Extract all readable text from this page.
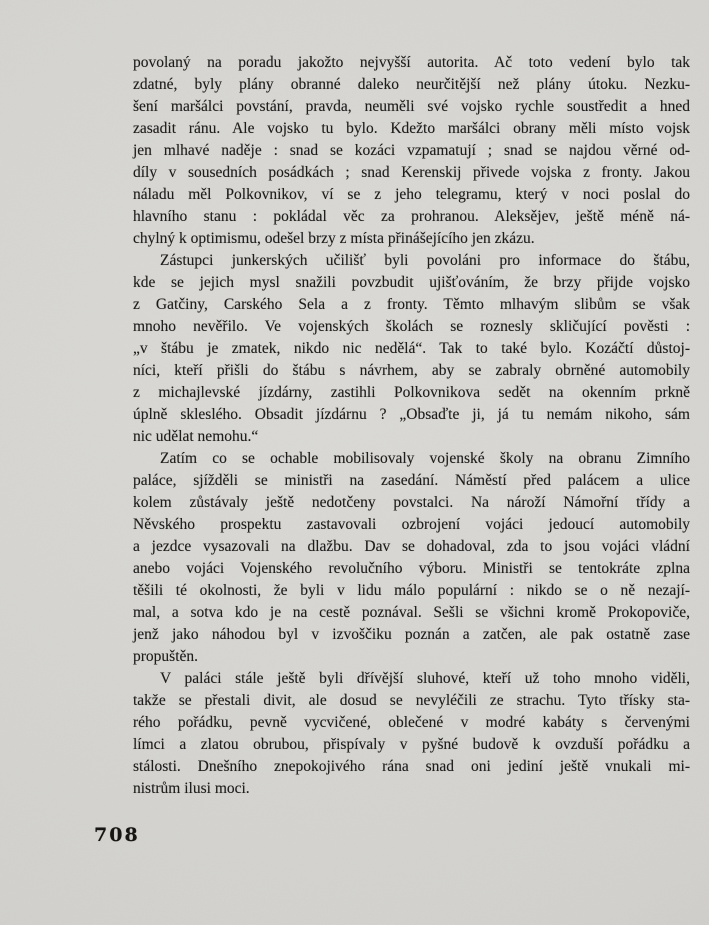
povolaný na poradu jakožto nejvyšší autorita. Ač toto vedení bylo tak
zdatné, byly plány obranné daleko neurčitější než plány útoku. Nezku-
šení maršálci povstání, pravda, neuměli své vojsko rychle soustředit a hned
zasadit ránu. Ale vojsko tu bylo. Kdežto maršálci obrany měli místo vojsk
jen mlhavé naděje : snad se kozáci vzpamatují ; snad se najdou věrné od-
díly v sousedních posádkách ; snad Kerenskij přivede vojska z fronty. Jakou
náladu měl Polkovnikov, ví se z jeho telegramu, který v noci poslal do
hlavního stanu : pokládal věc za prohranou. Aleksějev, ještě méně ná-
chylný k optimismu, odešel brzy z místa přinášejícího jen zkázu.
Zástupci junkerských učilišť byli povoláni pro informace do štábu,
kde se jejich mysl snažili povzbudit ujišťováním, že brzy přijde vojsko
z Gatčiny, Carského Sela a z fronty. Těmto mlhavým slibům se však
mnoho nevěřilo. Ve vojenských školách se roznesly skličující pověsti :
„v štábu je zmatek, nikdo nic nedělá“. Tak to také bylo. Kozáčtí důstoj-
níci, kteří přišli do štábu s návrhem, aby se zabraly obrněné automobily
z michajlevské jízdárny, zastihli Polkovnikova sedět na okenním prkně
úplně skleslého. Obsadit jízdárnu ? „Obsaďte ji, já tu nemám nikoho, sám
nic udělat nemohu.“
Zatím co se ochable mobilisovaly vojenské školy na obranu Zimního
paláce, sjížděli se ministři na zasedání. Náměstí před palácem a ulice
kolem zůstávaly ještě nedotčeny povstalci. Na nároží Námořní třídy a
Něvského prospektu zastavovali ozbrojení vojáci jedoucí automobily
a jezdce vysazovali na dlažbu. Dav se dohadoval, zda to jsou vojáci vládní
anebo vojáci Vojenského revolučního výboru. Ministři se tentokráte zplna
těšili té okolnosti, že byli v lidu málo populární : nikdo se o ně nezají-
mal, a sotva kdo je na cestě poznával. Sešli se všichni kromě Prokopoviče,
jenž jako náhodou byl v izvoščiku poznán a zatčen, ale pak ostatně zase
propuštěn.
V paláci stále ještě byli dřívější sluhové, kteří už toho mnoho viděli,
takže se přestali divit, ale dosud se nevyléčili ze strachu. Tyto třísky sta-
rého pořádku, pevně vycvičené, oblečené v modré kabáty s červenými
límci a zlatou obrubou, přispívaly v pyšné budově k ovzduší pořádku a
stálosti. Dnešního znepokojivého rána snad oni jediní ještě vnukali mi-
nistrům ilusi moci.
708
